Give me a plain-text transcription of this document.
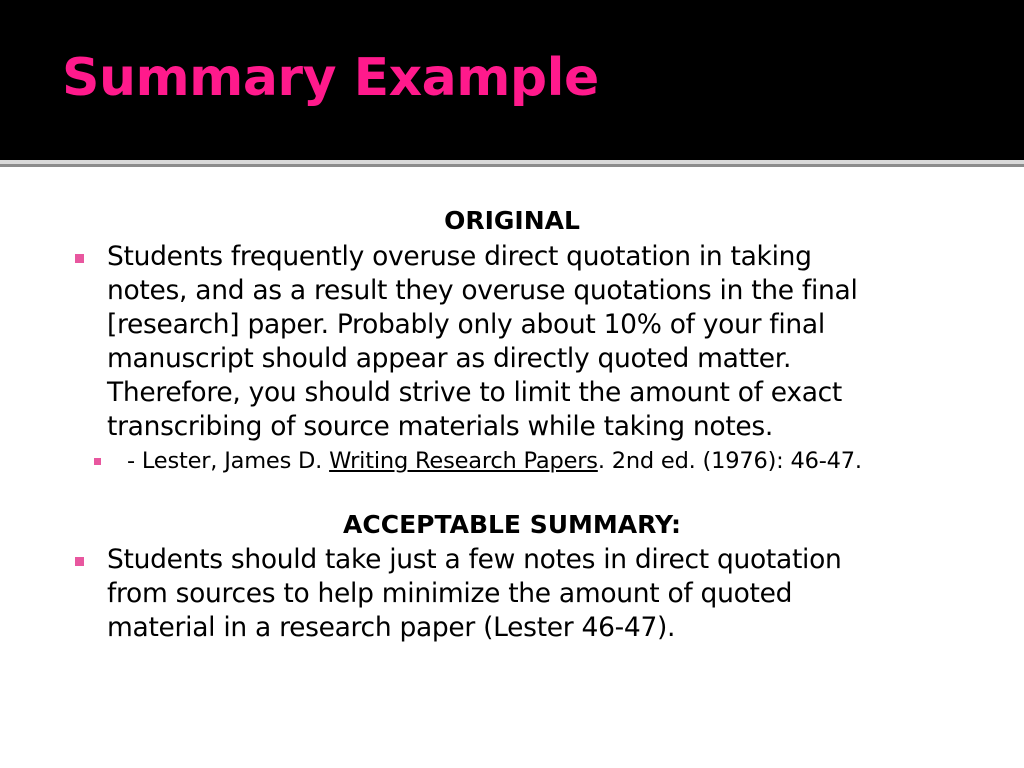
Summary Example
ORIGINAL
Students frequently overuse direct quotation in taking
notes, and as a result they overuse quotations in the final
[research] paper. Probably only about 10% of your final
manuscript should appear as directly quoted matter.
Therefore, you should strive to limit the amount of exact
transcribing of source materials while taking notes.
- Lester, James D. Writing Research Papers. 2nd ed. (1976): 46-47.
ACCEPTABLE SUMMARY:
Students should take just a few notes in direct quotation
from sources to help minimize the amount of quoted
material in a research paper (Lester 46-47).
